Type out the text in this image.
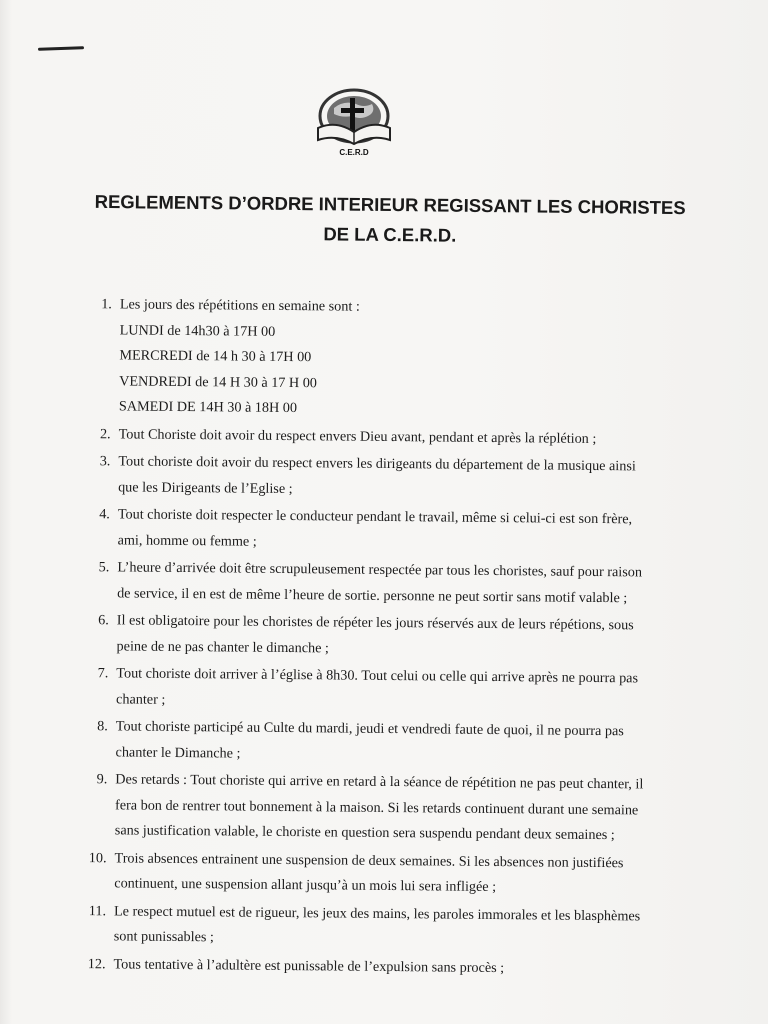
C.E.R.D
REGLEMENTS D’ORDRE INTERIEUR REGISSANT LES CHORISTES
DE LA C.E.R.D.
1. Les jours des répétitions en semaine sont :
LUNDI de 14h30 à 17H 00
MERCREDI de 14 h 30 à 17H 00
VENDREDI de 14 H 30 à 17 H 00
SAMEDI DE 14H 30 à 18H 00
2. Tout Choriste doit avoir du respect envers Dieu avant, pendant et après la réplétion ;
3. Tout choriste doit avoir du respect envers les dirigeants du département de la musique ainsi
que les Dirigeants de l’Eglise ;
4. Tout choriste doit respecter le conducteur pendant le travail, même si celui-ci est son frère,
ami, homme ou femme ;
5. L’heure d’arrivée doit être scrupuleusement respectée par tous les choristes, sauf pour raison
de service, il en est de même l’heure de sortie. personne ne peut sortir sans motif valable ;
6. Il est obligatoire pour les choristes de répéter les jours réservés aux de leurs répétions, sous
peine de ne pas chanter le dimanche ;
7. Tout choriste doit arriver à l’église à 8h30. Tout celui ou celle qui arrive après ne pourra pas
chanter ;
8. Tout choriste participé au Culte du mardi, jeudi et vendredi faute de quoi, il ne pourra pas
chanter le Dimanche ;
9. Des retards : Tout choriste qui arrive en retard à la séance de répétition ne pas peut chanter, il
fera bon de rentrer tout bonnement à la maison. Si les retards continuent durant une semaine
sans justification valable, le choriste en question sera suspendu pendant deux semaines ;
10. Trois absences entrainent une suspension de deux semaines. Si les absences non justifiées
continuent, une suspension allant jusqu’à un mois lui sera infligée ;
11. Le respect mutuel est de rigueur, les jeux des mains, les paroles immorales et les blasphèmes
sont punissables ;
12. Tous tentative à l’adultère est punissable de l’expulsion sans procès ;
